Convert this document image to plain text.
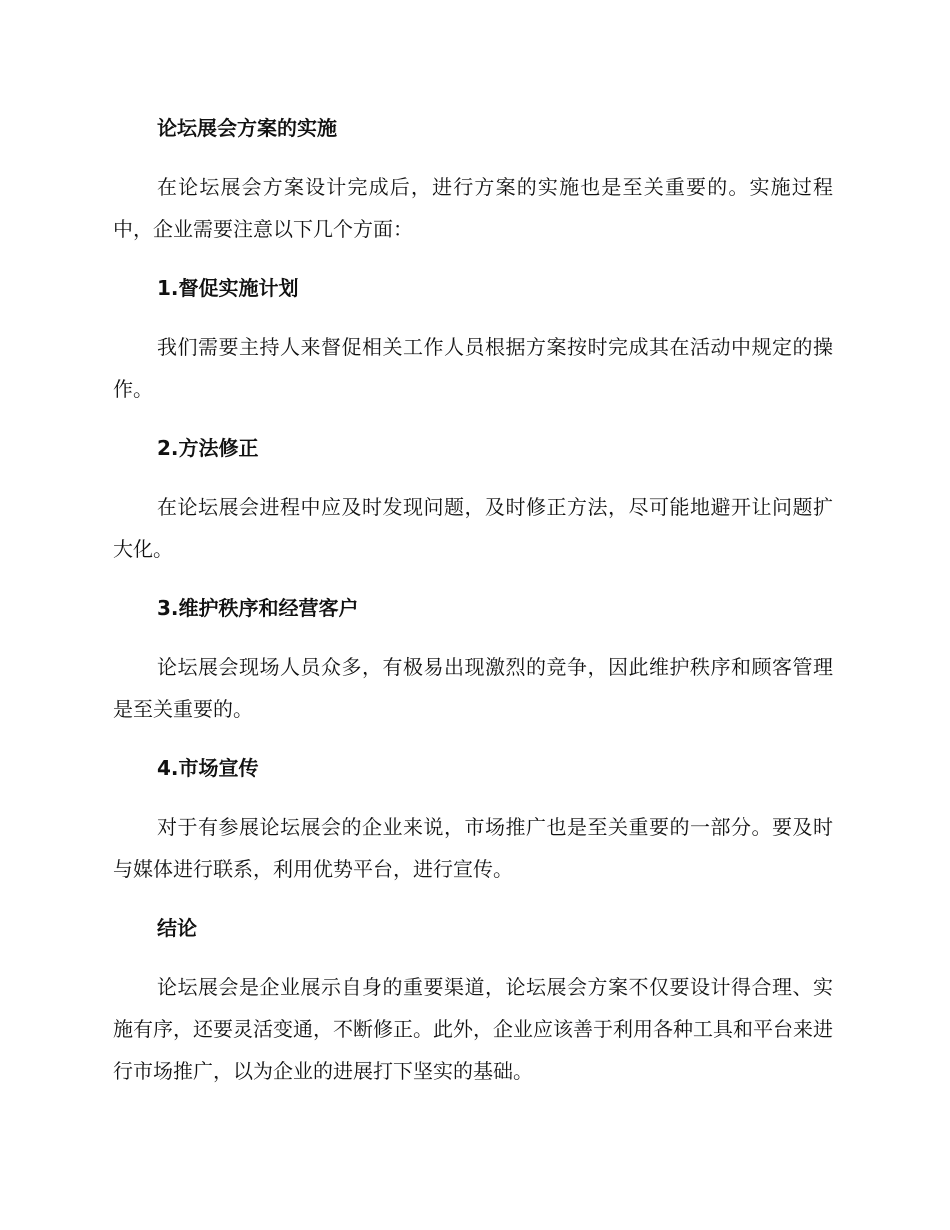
论坛展会方案的实施

在论坛展会方案设计完成后，进行方案的实施也是至关重要的。实施过程中，企业需要注意以下几个方面：

1.督促实施计划

我们需要主持人来督促相关工作人员根据方案按时完成其在活动中规定的操作。

2.方法修正

在论坛展会进程中应及时发现问题，及时修正方法，尽可能地避开让问题扩大化。

3.维护秩序和经营客户

论坛展会现场人员众多，有极易出现激烈的竞争，因此维护秩序和顾客管理是至关重要的。

4.市场宣传

对于有参展论坛展会的企业来说，市场推广也是至关重要的一部分。要及时与媒体进行联系，利用优势平台，进行宣传。

结论

论坛展会是企业展示自身的重要渠道，论坛展会方案不仅要设计得合理、实施有序，还要灵活变通，不断修正。此外，企业应该善于利用各种工具和平台来进行市场推广，以为企业的进展打下坚实的基础。
